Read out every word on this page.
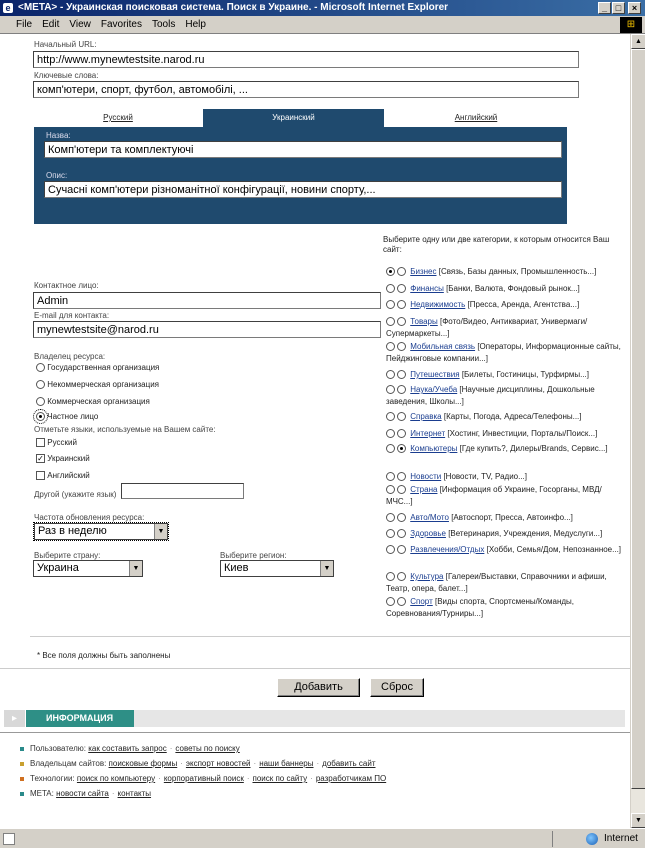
<META> - Украинская поисковая система. Поиск в Украине. - Microsoft Internet Explorer
e	_ □	×
File Edit View Favorites Tools Help	⊞
Начальный URL:
http://www.mynewtestsite.narod.ru
Ключевые слова:
комп'ютери, спорт, футбол, автомобілі, ...
Русский	Украинский	Английский
Назва:
Комп'ютери та комплектуючі
Опис:
Сучасні комп'ютери різноманітної конфігурації, новини спорту,...
Контактное лицо:
Admin
E-mail для контакта:
mynewtestsite@narod.ru
Владелец ресурса:
Государственная организация
Некоммерческая организация
Коммерческая организация
Частное лицо
Отметьте языки, используемые на Вашем сайте:
Русский
✓ Украинский
Английский
Другой (укажите язык)
Частота обновления ресурса:
Раз в неделю	▼
Выберите страну:
Украина	▼
Выберите регион:
Киев	▼
Выберите одну или две категории, к которым относится Ваш сайт:
Бизнес [Связь, Базы данных, Промышленность...]
Финансы [Банки, Валюта, Фондовый рынок...]
Недвижимость [Пресса, Аренда, Агентства...]
Товары [Фото/Видео, Антиквариат, Универмаги/Супермаркеты...]
Мобильная связь [Операторы, Информационные сайты, Пейджинговые компании...]
Путешествия [Билеты, Гостиницы, Турфирмы...]
Наука/Учеба [Научные дисциплины, Дошкольные заведения, Школы...]
Справка [Карты, Погода, Адреса/Телефоны...]
Интернет [Хостинг, Инвестиции, Порталы/Поиск...]
Компьютеры [Где купить?, Дилеры/Brands, Сервис...]
Новости [Новости, TV, Радио...]
Страна [Информация об Украине, Госорганы, МВД/МЧС...]
Авто/Мото [Автоспорт, Пресса, Автоинфо...]
Здоровье [Ветеринария, Учреждения, Медуслуги...]
Развлечения/Отдых [Хобби, Семья/Дом, Непознанное...]
Культура [Галереи/Выставки, Справочники и афиши, Театр, опера, балет...]
Спорт [Виды спорта, Спортсмены/Команды, Соревнования/Турниры...]
* Все поля должны быть заполнены
Добавить	Сброс
▸	ИНФОРМАЦИЯ
Пользователю: как составить запрос · советы по поиску
Владельцам сайтов: поисковые формы · экспорт новостей · наши баннеры · добавить сайт
Технологии: поиск по компьютеру · корпоративный поиск · поиск по сайту · разработчикам ПО
META: новости сайта · контакты
▲
▼
Internet
